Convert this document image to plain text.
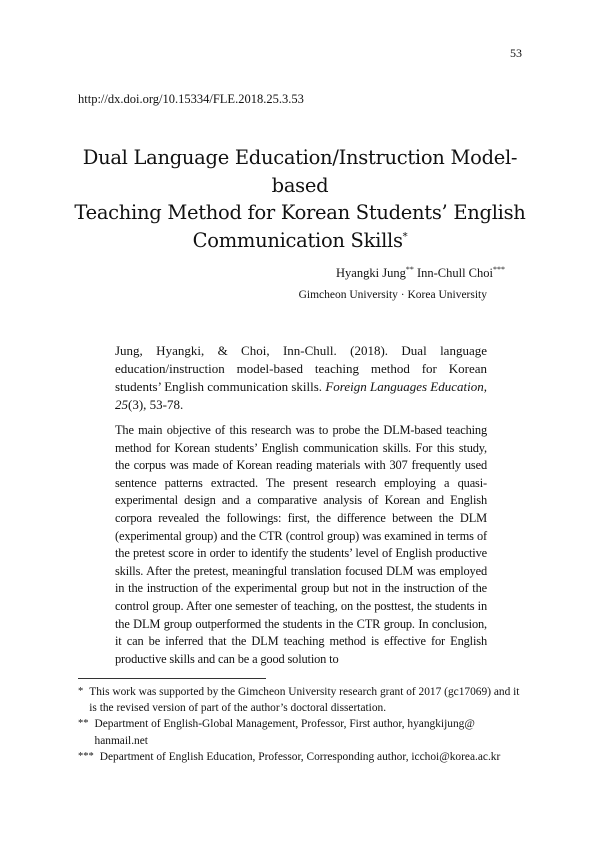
53
http://dx.doi.org/10.15334/FLE.2018.25.3.53
Dual Language Education/Instruction Model-based
Teaching Method for Korean Students’ English
Communication Skills*
Hyangki Jung** Inn-Chull Choi***
Gimcheon University · Korea University
Jung, Hyangki, & Choi, Inn-Chull. (2018). Dual language education/instruction model-based teaching method for Korean students’ English communication skills. Foreign Languages Education, 25(3), 53-78.
The main objective of this research was to probe the DLM-based teaching method for Korean students’ English communication skills. For this study, the corpus was made of Korean reading materials with 307 frequently used sentence patterns extracted. The present research employing a quasi-experimental design and a comparative analysis of Korean and English corpora revealed the followings: first, the difference between the DLM (experimental group) and the CTR (control group) was examined in terms of the pretest score in order to identify the students’ level of English productive skills. After the pretest, meaningful translation focused DLM was employed in the instruction of the experimental group but not in the instruction of the control group. After one semester of teaching, on the posttest, the students in the DLM group outperformed the students in the CTR group. In conclusion, it can be inferred that the DLM teaching method is effective for English productive skills and can be a good solution to
* This work was supported by the Gimcheon University research grant of 2017 (gc17069) and it is the revised version of part of the author’s doctoral dissertation.
** Department of English-Global Management, Professor, First author, hyangkijung@ hanmail.net
*** Department of English Education, Professor, Corresponding author, icchoi@korea.ac.kr
